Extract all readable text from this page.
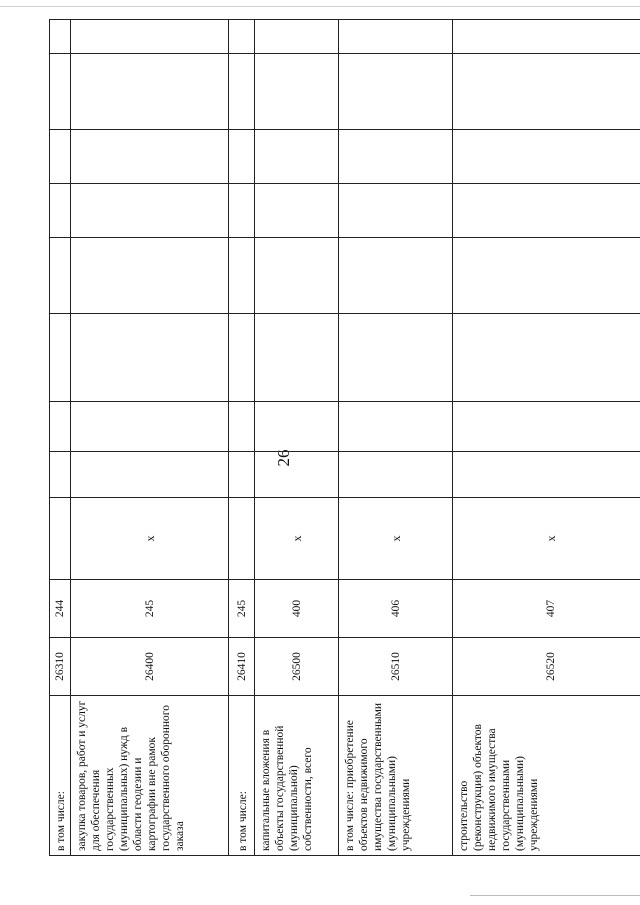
26
в том числе:	26310	244									
закупка товаров, работ и услуг для обеспечения государственных (муниципальных) нужд в области геодезии и картографии вне рамок государственного оборонного заказа	26400	245	x								
в том числе:	26410	245									
капитальные вложения в объекты государственной (муниципальной) собственности, всего	26500	400	x								
в том числе: приобретение объектов недвижимого имущества государственными (муниципальными) учреждениями	26510	406	x								
строительство (реконструкция) объектов недвижимого имущества государственными (муниципальными) учреждениями	26520	407	x								
